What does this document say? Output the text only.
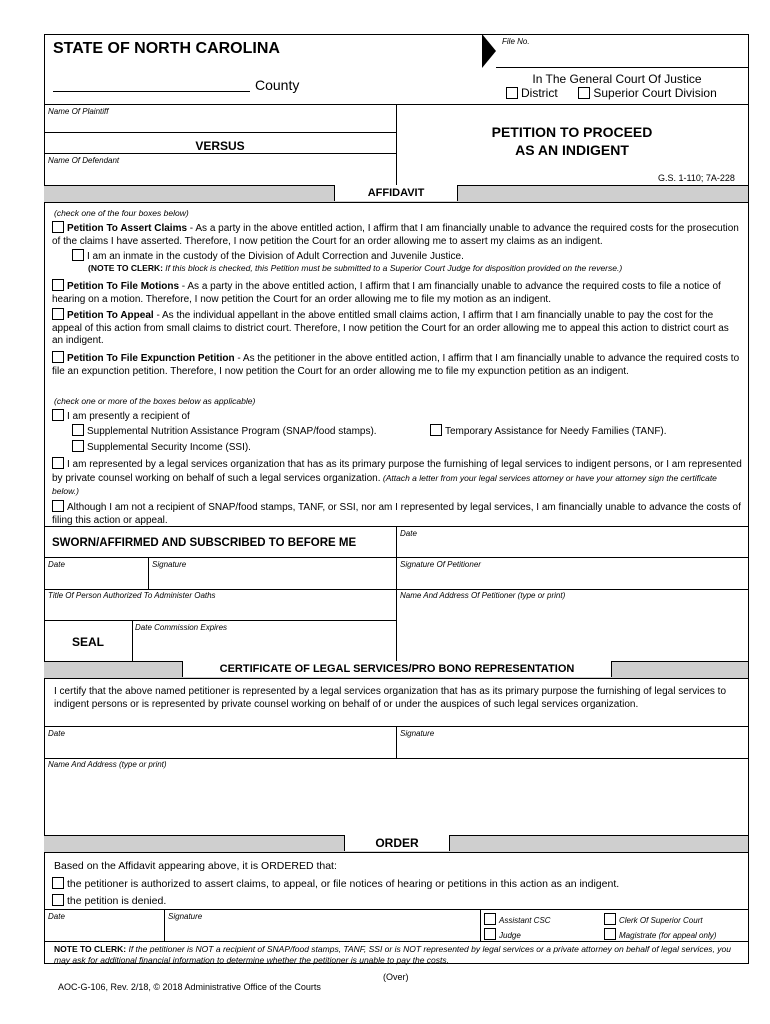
STATE OF NORTH CAROLINA	File No.
County	In The General Court Of Justice
District	Superior Court Division
Name Of Plaintiff
VERSUS
Name Of Defendant
PETITION TO PROCEED
AS AN INDIGENT
G.S. 1-110; 7A-228
AFFIDAVIT
(check one of the four boxes below)
Petition To Assert Claims - As a party in the above entitled action, I affirm that I am financially unable to advance the required costs for the prosecution of the claims I have asserted. Therefore, I now petition the Court for an order allowing me to assert my claims as an indigent.
I am an inmate in the custody of the Division of Adult Correction and Juvenile Justice.
(NOTE TO CLERK: If this block is checked, this Petition must be submitted to a Superior Court Judge for disposition provided on the reverse.)
Petition To File Motions - As a party in the above entitled action, I affirm that I am financially unable to advance the required costs to file a notice of hearing on a motion. Therefore, I now petition the Court for an order allowing me to file my motion as an indigent.
Petition To Appeal - As the individual appellant in the above entitled small claims action, I affirm that I am financially unable to pay the cost for the appeal of this action from small claims to district court. Therefore, I now petition the Court for an order allowing me to appeal this action to district court as an indigent.
Petition To File Expunction Petition - As the petitioner in the above entitled action, I affirm that I am financially unable to advance the required costs to file an expunction petition. Therefore, I now petition the Court for an order allowing me to file my expunction petition as an indigent.
(check one or more of the boxes below as applicable)
I am presently a recipient of
Supplemental Nutrition Assistance Program (SNAP/food stamps).	Temporary Assistance for Needy Families (TANF).
Supplemental Security Income (SSI).
I am represented by a legal services organization that has as its primary purpose the furnishing of legal services to indigent persons, or I am represented by private counsel working on behalf of such a legal services organization. (Attach a letter from your legal services attorney or have your attorney sign the certificate below.)
Although I am not a recipient of SNAP/food stamps, TANF, or SSI, nor am I represented by legal services, I am financially unable to advance the costs of filing this action or appeal.
SWORN/AFFIRMED AND SUBSCRIBED TO BEFORE ME
Date
Date	Signature	Signature Of Petitioner
Title Of Person Authorized To Administer Oaths	Name And Address Of Petitioner (type or print)
SEAL
Date Commission Expires
CERTIFICATE OF LEGAL SERVICES/PRO BONO REPRESENTATION
I certify that the above named petitioner is represented by a legal services organization that has as its primary purpose the furnishing of legal services to indigent persons or is represented by private counsel working on behalf of or under the auspices of such legal services organization.
Date	Signature
Name And Address (type or print)
ORDER
Based on the Affidavit appearing above, it is ORDERED that:
the petitioner is authorized to assert claims, to appeal, or file notices of hearing or petitions in this action as an indigent.
the petition is denied.
Date	Signature	Assistant CSC	Clerk Of Superior Court
Judge	Magistrate (for appeal only)
NOTE TO CLERK: If the petitioner is NOT a recipient of SNAP/food stamps, TANF, SSI or is NOT represented by legal services or a private attorney on behalf of legal services, you may ask for additional financial information to determine whether the petitioner is unable to pay the costs.
(Over)
AOC-G-106, Rev. 2/18, © 2018 Administrative Office of the Courts
